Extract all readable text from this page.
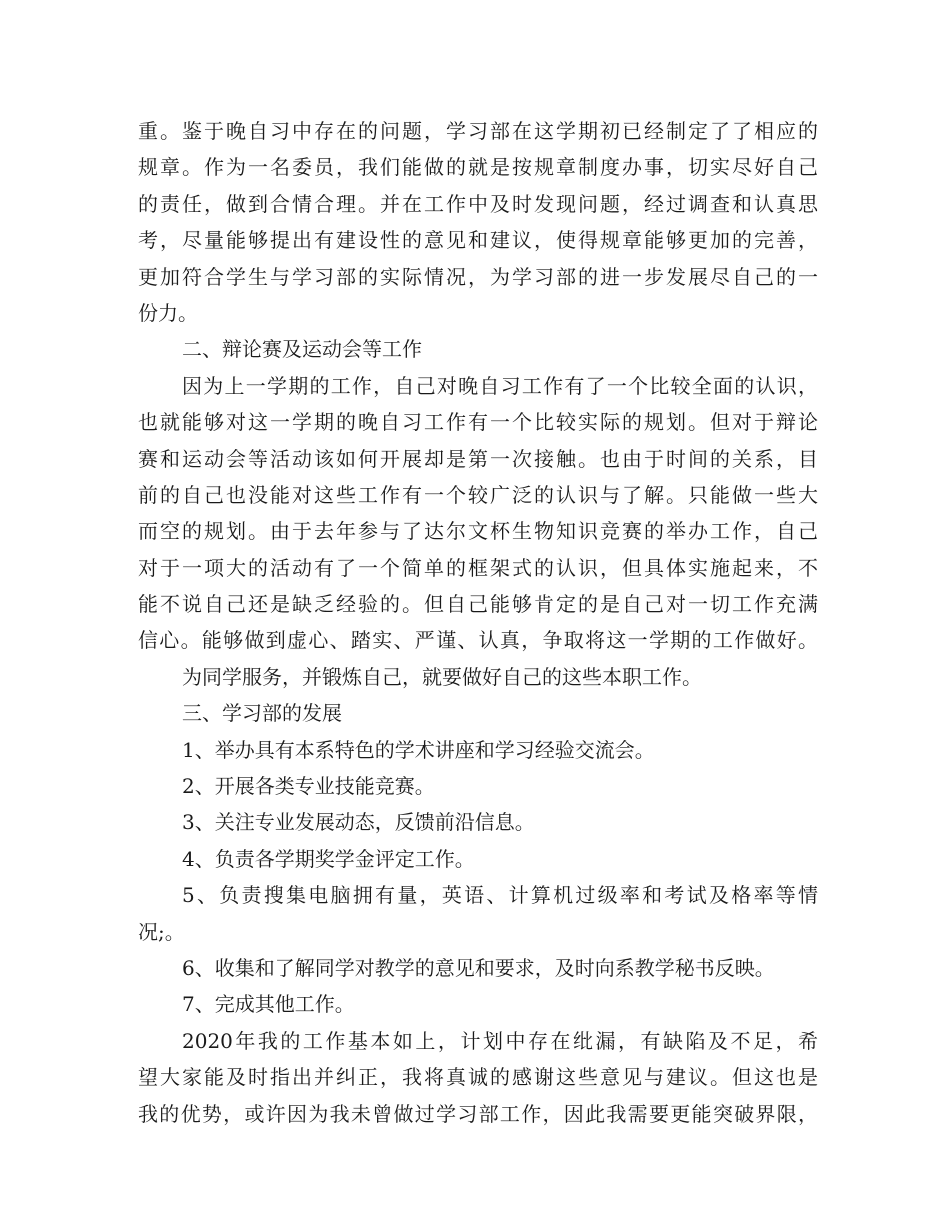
重。鉴于晚自习中存在的问题，学习部在这学期初已经制定了了相应的
规章。作为一名委员，我们能做的就是按规章制度办事，切实尽好自己
的责任，做到合情合理。并在工作中及时发现问题，经过调查和认真思
考，尽量能够提出有建设性的意见和建议，使得规章能够更加的完善，
更加符合学生与学习部的实际情况，为学习部的进一步发展尽自己的一
份力。
二、辩论赛及运动会等工作
因为上一学期的工作，自己对晚自习工作有了一个比较全面的认识，
也就能够对这一学期的晚自习工作有一个比较实际的规划。但对于辩论
赛和运动会等活动该如何开展却是第一次接触。也由于时间的关系，目
前的自己也没能对这些工作有一个较广泛的认识与了解。只能做一些大
而空的规划。由于去年参与了达尔文杯生物知识竞赛的举办工作，自己
对于一项大的活动有了一个简单的框架式的认识，但具体实施起来，不
能不说自己还是缺乏经验的。但自己能够肯定的是自己对一切工作充满
信心。能够做到虚心、踏实、严谨、认真，争取将这一学期的工作做好。
为同学服务，并锻炼自己，就要做好自己的这些本职工作。
三、学习部的发展
1、举办具有本系特色的学术讲座和学习经验交流会。
2、开展各类专业技能竞赛。
3、关注专业发展动态，反馈前沿信息。
4、负责各学期奖学金评定工作。
5、负责搜集电脑拥有量，英语、计算机过级率和考试及格率等情
况;。
6、收集和了解同学对教学的意见和要求，及时向系教学秘书反映。
7、完成其他工作。
2020年我的工作基本如上，计划中存在纰漏，有缺陷及不足，希
望大家能及时指出并纠正，我将真诚的感谢这些意见与建议。但这也是
我的优势，或许因为我未曾做过学习部工作，因此我需要更能突破界限，
